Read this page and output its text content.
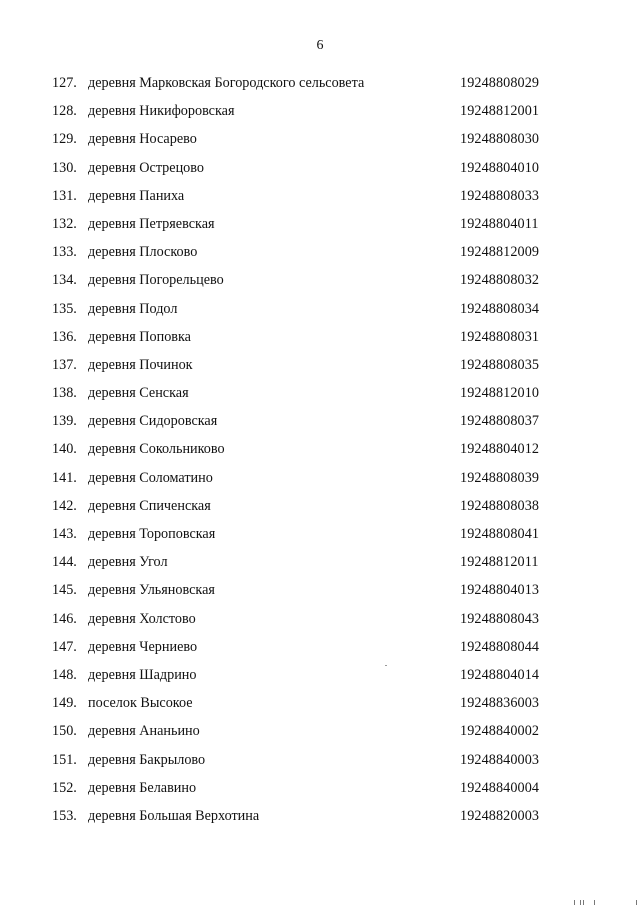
6
127. деревня Марковская Богородского сельсовета	19248808029
128. деревня Никифоровская	19248812001
129. деревня Носарево	19248808030
130. деревня Острецово	19248804010
131. деревня Паниха	19248808033
132. деревня Петряевская	19248804011
133. деревня Плосково	19248812009
134. деревня Погорельцево	19248808032
135. деревня Подол	19248808034
136. деревня Поповка	19248808031
137. деревня Починок	19248808035
138. деревня Сенская	19248812010
139. деревня Сидоровская	19248808037
140. деревня Сокольниково	19248804012
141. деревня Соломатино	19248808039
142. деревня Спиченская	19248808038
143. деревня Тороповская	19248808041
144. деревня Угол	19248812011
145. деревня Ульяновская	19248804013
146. деревня Холстово	19248808043
147. деревня Черниево	19248808044
148. деревня Шадрино	19248804014
149. поселок Высокое	19248836003
150. деревня Ананьино	19248840002
151. деревня Бакрылово	19248840003
152. деревня Белавино	19248840004
153. деревня Большая Верхотина	19248820003
